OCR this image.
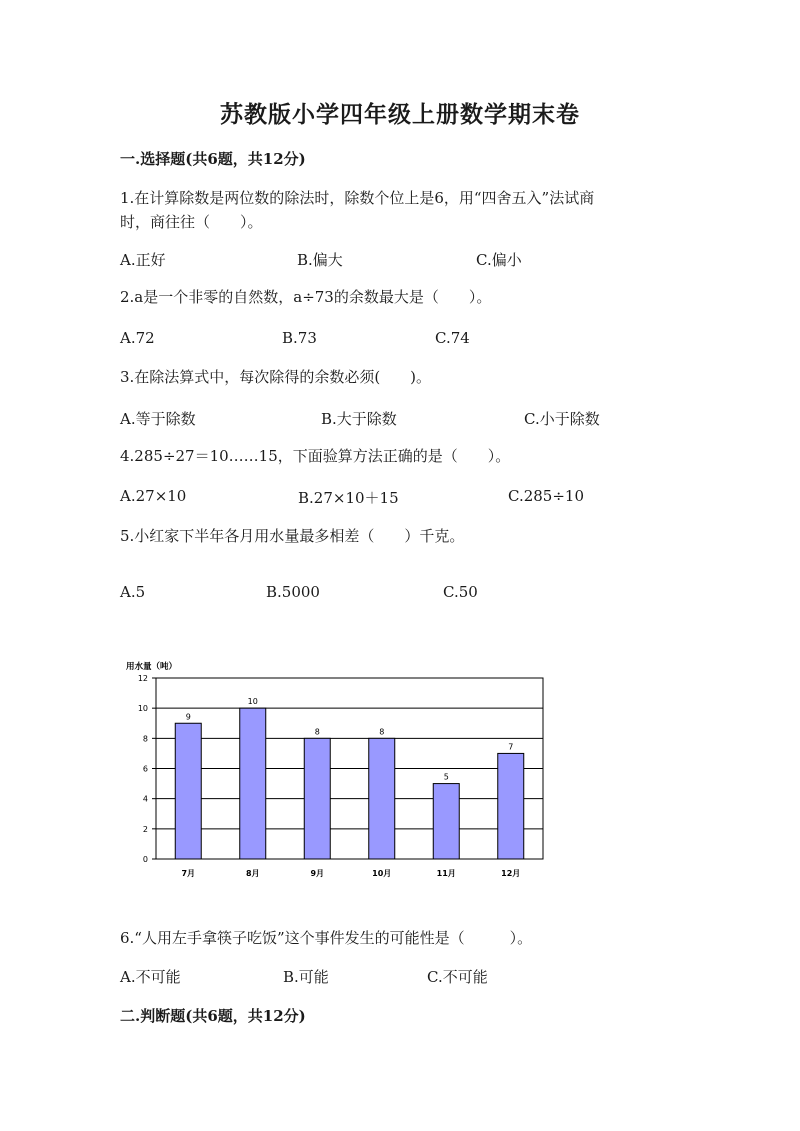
苏教版小学四年级上册数学期末卷
一.选择题(共6题，共12分)
1.在计算除数是两位数的除法时，除数个位上是6，用“四舍五入”法试商
时，商往往（　　）。
A.正好	B.偏大	C.偏小
2.a是一个非零的自然数，a÷73的余数最大是（　　）。
A.72	B.73	C.74
3.在除法算式中，每次除得的余数必须(　　)。
A.等于除数	B.大于除数	C.小于除数
4.285÷27＝10……15，下面验算方法正确的是（　　）。
A.27×10	B.27×10＋15	C.285÷10
5.小红家下半年各月用水量最多相差（　　）千克。
A.5	B.5000	C.50
用水量（吨）
0
2
4
6
8
10
12
9
7月
10
8月
8
9月
8
10月
5
11月
7
12月
6.“人用左手拿筷子吃饭”这个事件发生的可能性是（　　　）。
A.不可能	B.可能	C.不可能
二.判断题(共6题，共12分)
